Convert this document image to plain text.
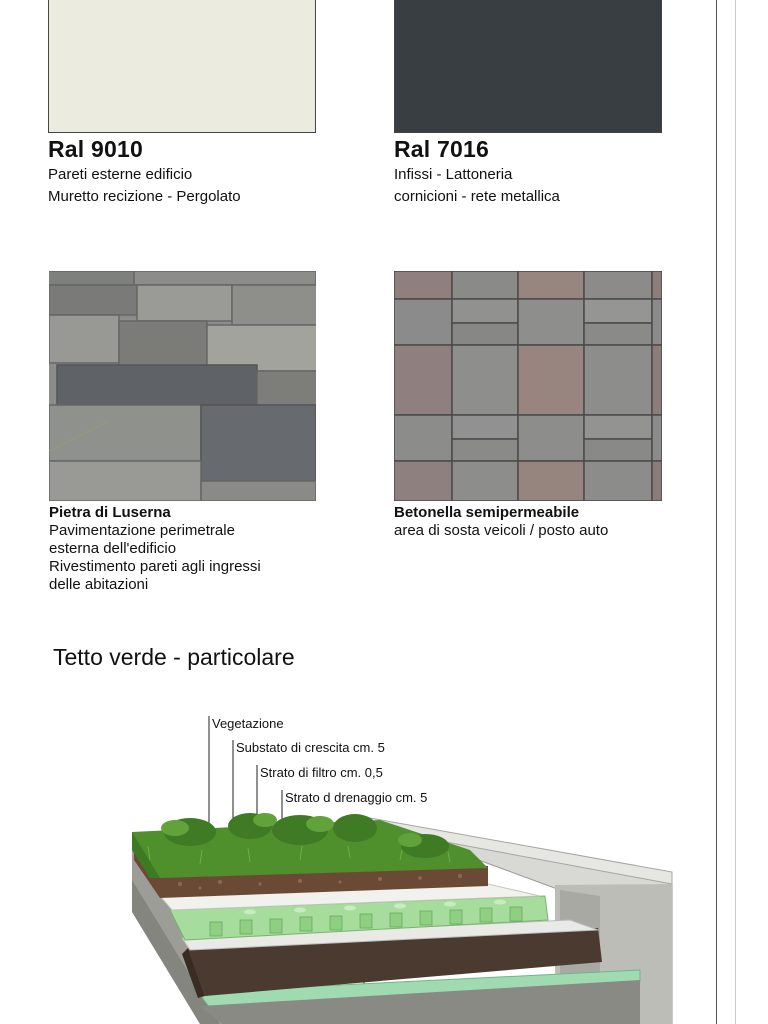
Ral 9010
Pareti esterne edificio
Muretto recizione - Pergolato
Ral 7016
Infissi - Lattoneria
cornicioni - rete metallica
Pietra di Luserna
Pavimentazione perimetrale
esterna dell'edificio
Rivestimento pareti agli ingressi
delle abitazioni
Betonella semipermeabile
area di sosta veicoli / posto auto
Tetto verde - particolare
Vegetazione
Substato di crescita cm. 5
Strato di filtro cm. 0,5
Strato d drenaggio cm. 5
